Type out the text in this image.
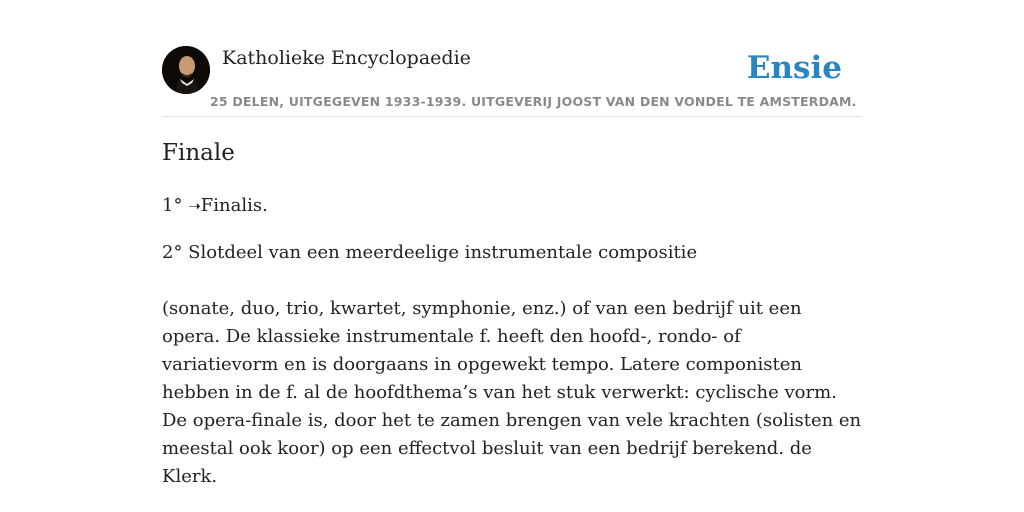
Katholieke Encyclopaedie	Ensie
25 DELEN, UITGEGEVEN 1933-1939. UITGEVERIJ JOOST VAN DEN VONDEL TE AMSTERDAM.
Finale
1° ➝Finalis.
2° Slotdeel van een meerdeelige instrumentale compositie
(sonate, duo, trio, kwartet, symphonie, enz.) of van een bedrijf uit een opera. De klassieke instrumentale f. heeft den hoofd-, rondo- of variatievorm en is doorgaans in opgewekt tempo. Latere componisten hebben in de f. al de hoofdthema’s van het stuk verwerkt: cyclische vorm. De opera-finale is, door het te zamen brengen van vele krachten (solisten en meestal ook koor) op een effectvol besluit van een bedrijf berekend. de Klerk.
